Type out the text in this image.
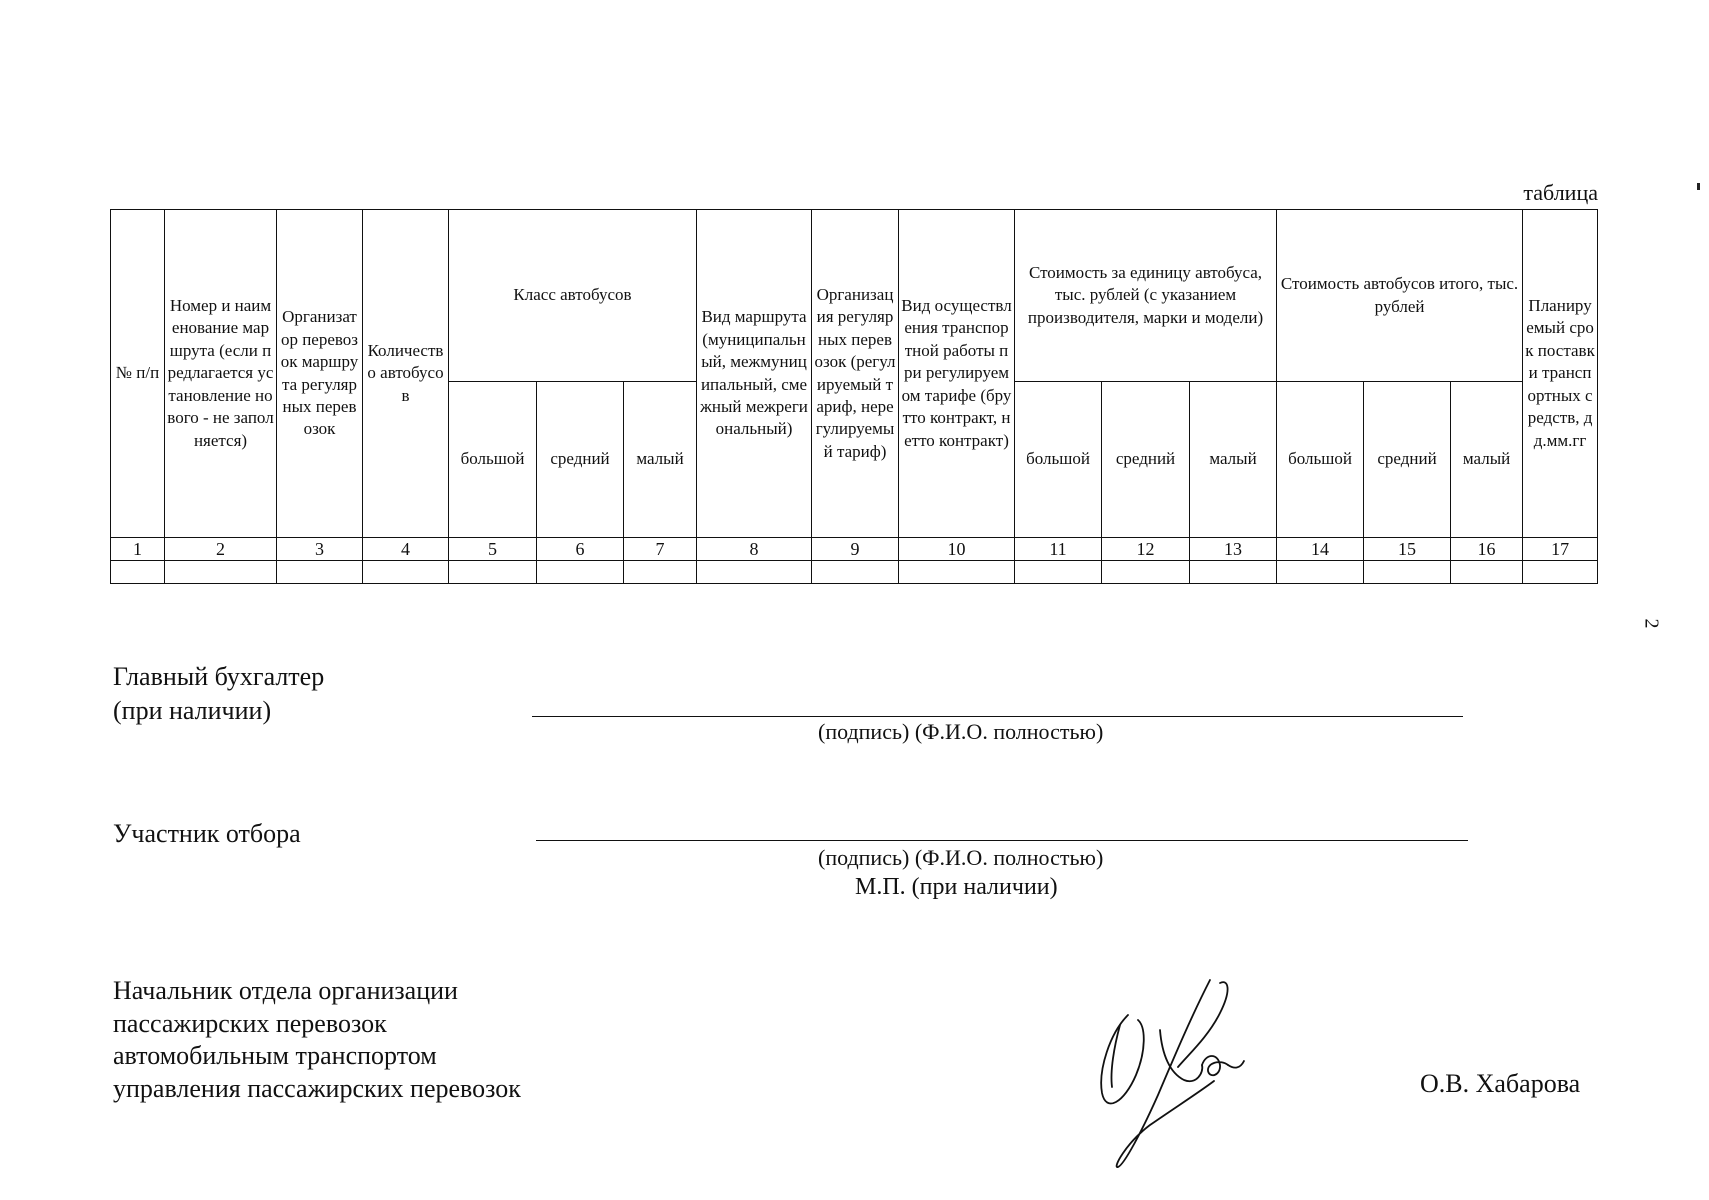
таблица
2
№ п/п	Номер и наименование маршрута (если предлагается установление нового - не заполняется)	Организатор перевозок маршрута регулярных перевозок	Количество автобусов	Класс автобусов			Вид маршрута (муниципальный, межмуниципальный, смежный межрегиональный)	Организация регулярных перевозок (регулируемый тариф, нерегулируемый тариф)	Вид осуществления транспортной работы при регулируемом тарифе (брутто контракт, нетто контракт)	Стоимость за единицу автобуса, тыс. рублей (с указанием производителя, марки и модели)			Стоимость автобусов итого, тыс. рублей			Планируемый срок поставки транспортных средств, дд.мм.гг
				большой	средний	малый				большой	средний	малый	большой	средний	малый	
1	2	3	4	5	6	7	8	9	10	11	12	13	14	15	16	17

Главный бухгалтер
(при наличии)
(подпись) (Ф.И.О. полностью)
Участник отбора
(подпись) (Ф.И.О. полностью)
М.П. (при наличии)
Начальник отдела организации
пассажирских перевозок
автомобильным транспортом
управления пассажирских перевозок	О.В. Хабарова
